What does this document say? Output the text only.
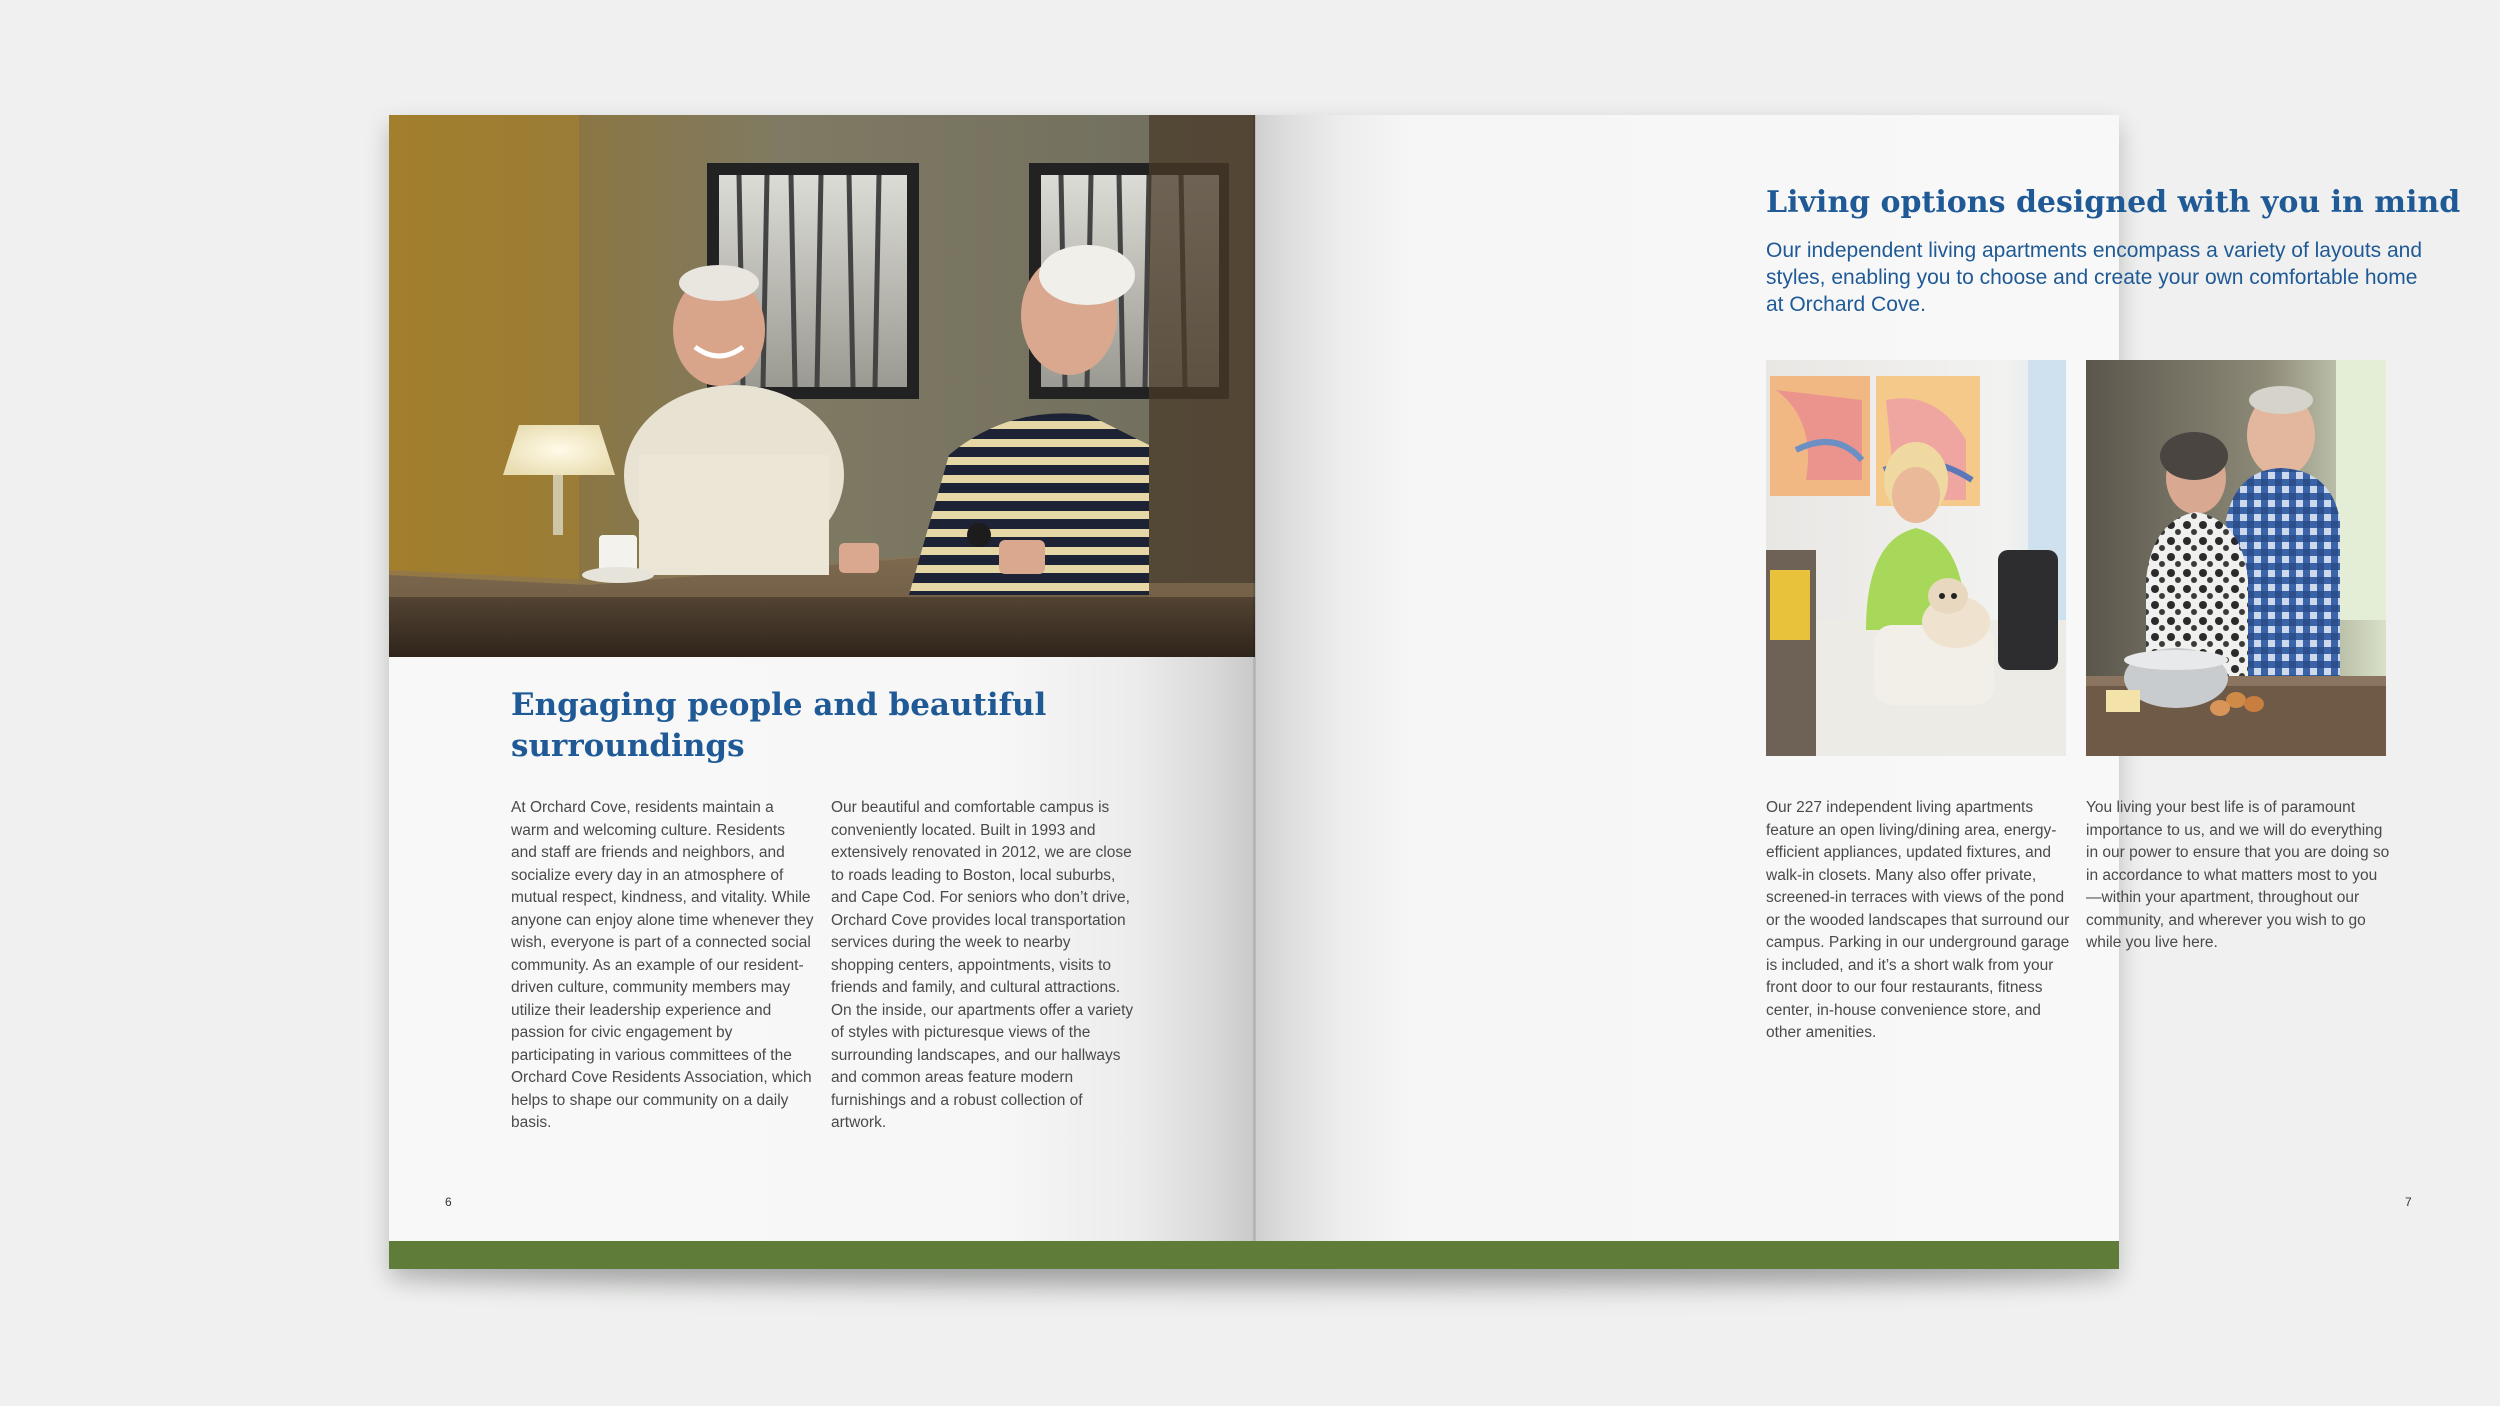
Engaging people and beautiful surroundings

At Orchard Cove, residents maintain a warm and welcoming culture. Residents and staff are friends and neighbors, and socialize every day in an atmosphere of mutual respect, kindness, and vitality. While anyone can enjoy alone time whenever they wish, everyone is part of a connected social community. As an example of our resident-driven culture, community members may utilize their leadership experience and passion for civic engagement by participating in various committees of the Orchard Cove Residents Association, which helps to shape our community on a daily basis.

Our beautiful and comfortable campus is conveniently located. Built in 1993 and extensively renovated in 2012, we are close to roads leading to Boston, local suburbs, and Cape Cod. For seniors who don’t drive, Orchard Cove provides local transportation services during the week to nearby shopping centers, appointments, visits to friends and family, and cultural attractions. On the inside, our apartments offer a variety of styles with picturesque views of the surrounding landscapes, and our hallways and common areas feature modern furnishings and a robust collection of artwork.

6
Living options designed with you in mind

Our independent living apartments encompass a variety of layouts and styles, enabling you to choose and create your own comfortable home at Orchard Cove.

Our 227 independent living apartments feature an open living/dining area, energy-efficient appliances, updated fixtures, and walk-in closets. Many also offer private, screened-in terraces with views of the pond or the wooded landscapes that surround our campus. Parking in our underground garage is included, and it’s a short walk from your front door to our four restaurants, fitness center, in-house convenience store, and other amenities.

You living your best life is of paramount importance to us, and we will do everything in our power to ensure that you are doing so in accordance to what matters most to you—within your apartment, throughout our community, and wherever you wish to go while you live here.

7
